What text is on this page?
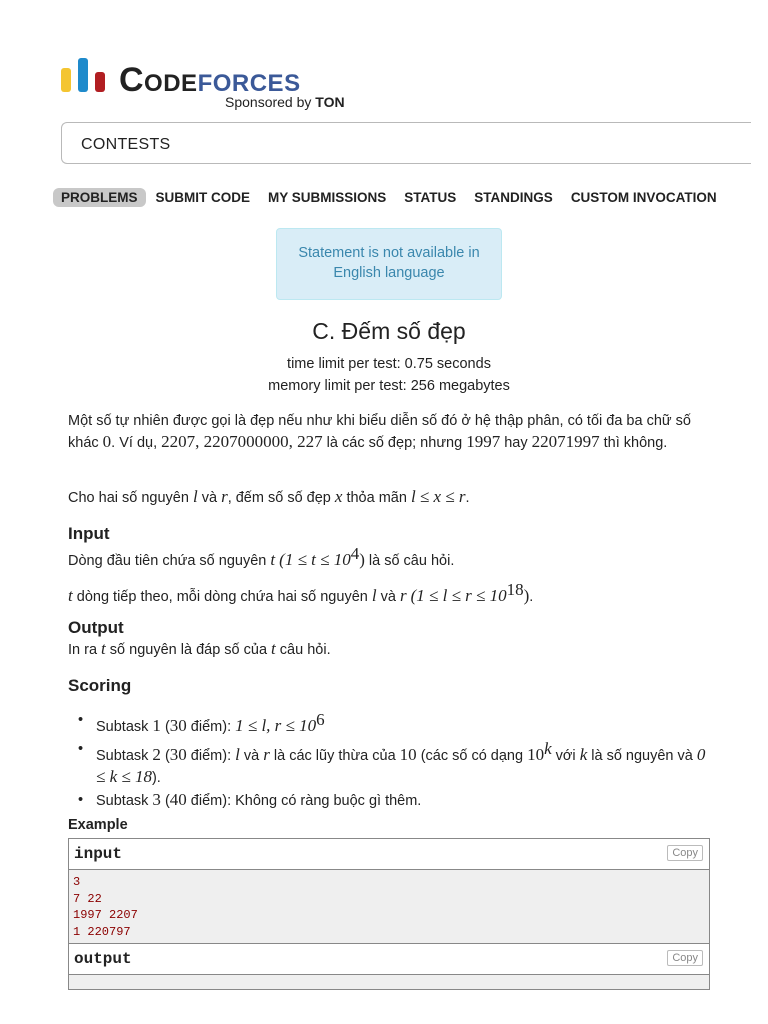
Codeforces
Sponsored by TON
CONTESTS
PROBLEMS	SUBMIT CODE	MY SUBMISSIONS	STATUS	STANDINGS	CUSTOM INVOCATION
Statement is not available in
English language
C. Đếm số đẹp
time limit per test: 0.75 seconds
memory limit per test: 256 megabytes
Một số tự nhiên được gọi là đẹp nếu như khi biểu diễn số đó ở hệ thập phân, có tối đa ba chữ số khác 0. Ví dụ, 2207, 2207000000, 227 là các số đẹp; nhưng 1997 hay 22071997 thì không.
Cho hai số nguyên l và r, đếm số số đẹp x thỏa mãn l ≤ x ≤ r.
Input
Dòng đầu tiên chứa số nguyên t $(1 \le t \le 10^4)$ là số câu hỏi.
t dòng tiếp theo, mỗi dòng chứa hai số nguyên l và r $(1 \le l \le r \le 10^{18})$.
Output
In ra t số nguyên là đáp số của t câu hỏi.
Scoring
• Subtask 1 (30 điểm): 1 ≤ l, $r \le 10^6$
• Subtask 2 (30 điểm): l và r là các lũy thừa của 10 (các số có dạng 10$^k$ với k là số nguyên và 0 ≤ k ≤ 18).
• Subtask 3 (40 điểm): Không có ràng buộc gì thêm.
Example
input	Copy
3
7 22
1997 2207
1 220797
output	Copy
